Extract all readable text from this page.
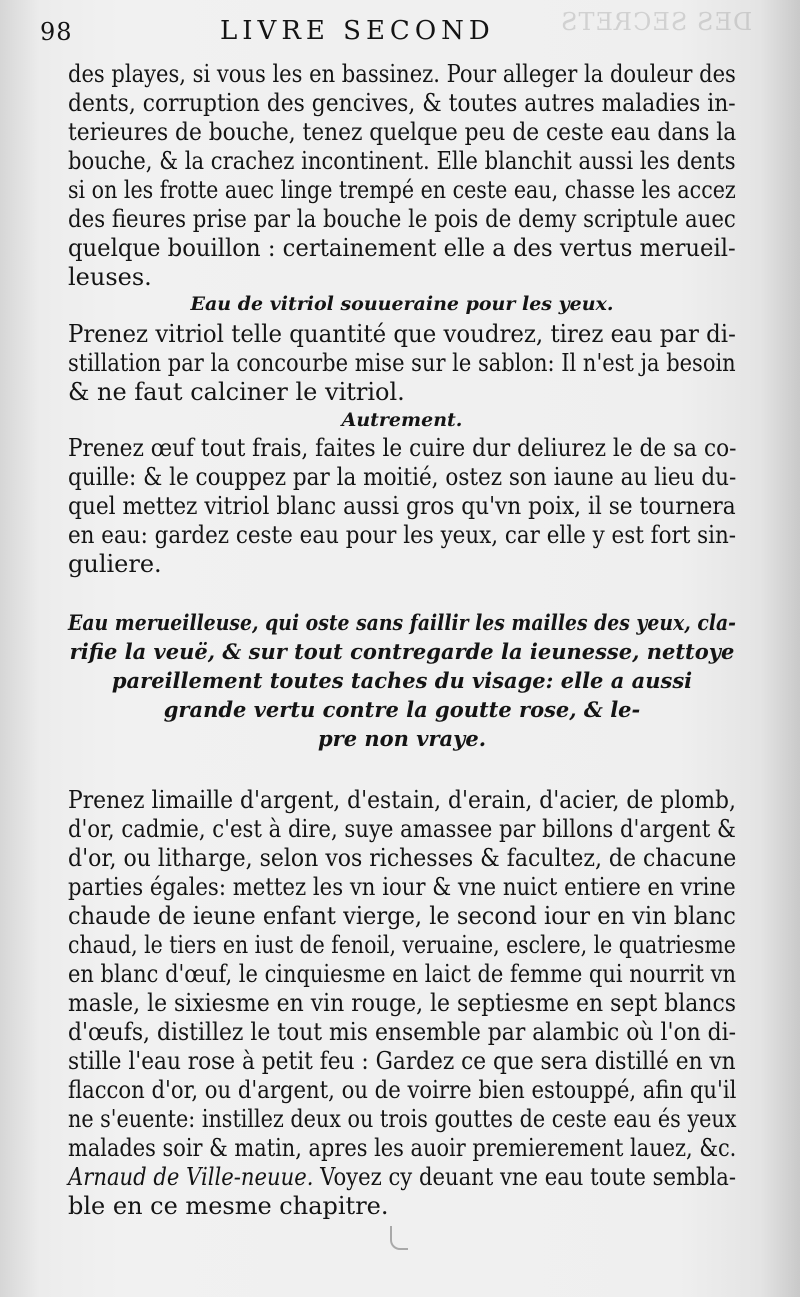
DES SECRETS
98	LIVRE SECOND

des playes, si vous les en bassinez. Pour alleger la douleur des
dents, corruption des gencives, & toutes autres maladies in-
terieures de bouche, tenez quelque peu de ceste eau dans la
bouche, & la crachez incontinent. Elle blanchit aussi les dents
si on les frotte auec linge trempé en ceste eau, chasse les accez
des fieures prise par la bouche le pois de demy scriptule auec
quelque bouillon : certainement elle a des vertus merueil-
leuses.

Eau de vitriol souueraine pour les yeux.

Prenez vitriol telle quantité que voudrez, tirez eau par di-
stillation par la concourbe mise sur le sablon: Il n'est ja besoin
& ne faut calciner le vitriol.

Autrement.

Prenez œuf tout frais, faites le cuire dur deliurez le de sa co-
quille: & le couppez par la moitié, ostez son iaune au lieu du-
quel mettez vitriol blanc aussi gros qu'vn poix, il se tournera
en eau: gardez ceste eau pour les yeux, car elle y est fort sin-
guliere.

Eau merueilleuse, qui oste sans faillir les mailles des yeux, cla-
rifie la veuë, & sur tout contregarde la ieunesse, nettoye
pareillement toutes taches du visage: elle a aussi
grande vertu contre la goutte rose, & le-
pre non vraye.

Prenez limaille d'argent, d'estain, d'erain, d'acier, de plomb,
d'or, cadmie, c'est à dire, suye amassee par billons d'argent &
d'or, ou litharge, selon vos richesses & facultez, de chacune
parties égales: mettez les vn iour & vne nuict entiere en vrine
chaude de ieune enfant vierge, le second iour en vin blanc
chaud, le tiers en iust de fenoil, veruaine, esclere, le quatriesme
en blanc d'œuf, le cinquiesme en laict de femme qui nourrit vn
masle, le sixiesme en vin rouge, le septiesme en sept blancs
d'œufs, distillez le tout mis ensemble par alambic où l'on di-
stille l'eau rose à petit feu : Gardez ce que sera distillé en vn
flaccon d'or, ou d'argent, ou de voirre bien estouppé, afin qu'il
ne s'euente: instillez deux ou trois gouttes de ceste eau és yeux
malades soir & matin, apres les auoir premierement lauez, &c.
Arnaud de Ville-neuue. Voyez cy deuant vne eau toute sembla-
ble en ce mesme chapitre.
